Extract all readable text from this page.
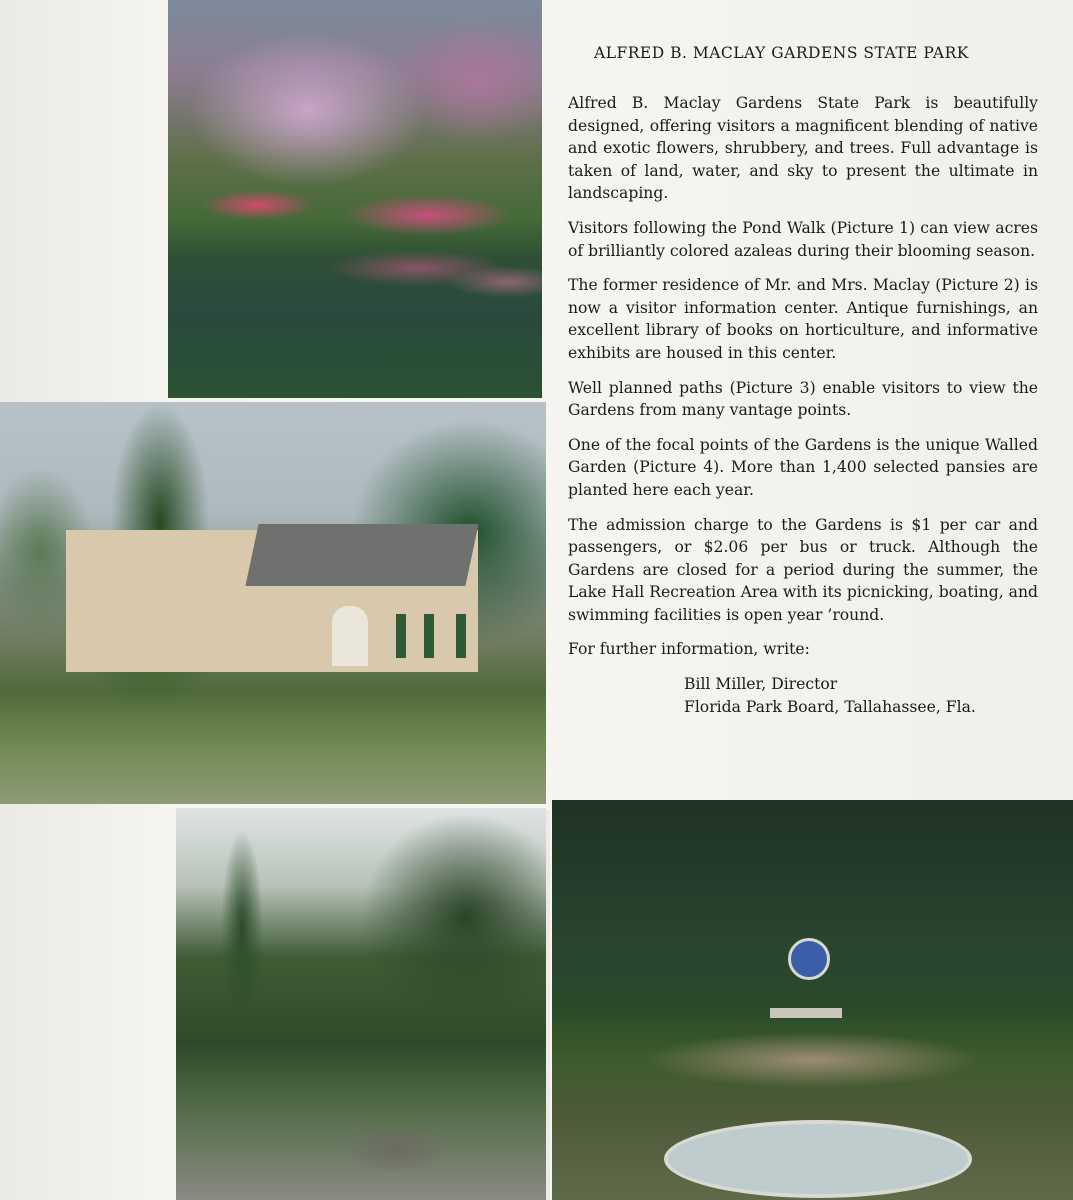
ALFRED B. MACLAY GARDENS STATE PARK

Alfred B. Maclay Gardens State Park is beautifully designed, offering visitors a magnificent blending of native and exotic flowers, shrubbery, and trees. Full advantage is taken of land, water, and sky to present the ultimate in landscaping.

Visitors following the Pond Walk (Picture 1) can view acres of brilliantly colored azaleas during their blooming season.

The former residence of Mr. and Mrs. Maclay (Picture 2) is now a visitor information center. Antique furnishings, an excellent library of books on horticulture, and informative exhibits are housed in this center.

Well planned paths (Picture 3) enable visitors to view the Gardens from many vantage points.

One of the focal points of the Gardens is the unique Walled Garden (Picture 4). More than 1,400 selected pansies are planted here each year.

The admission charge to the Gardens is $1 per car and passengers, or $2.06 per bus or truck. Although the Gardens are closed for a period during the summer, the Lake Hall Recreation Area with its picnicking, boating, and swimming facilities is open year ’round.

For further information, write:

Bill Miller, Director

Florida Park Board, Tallahassee, Fla.
